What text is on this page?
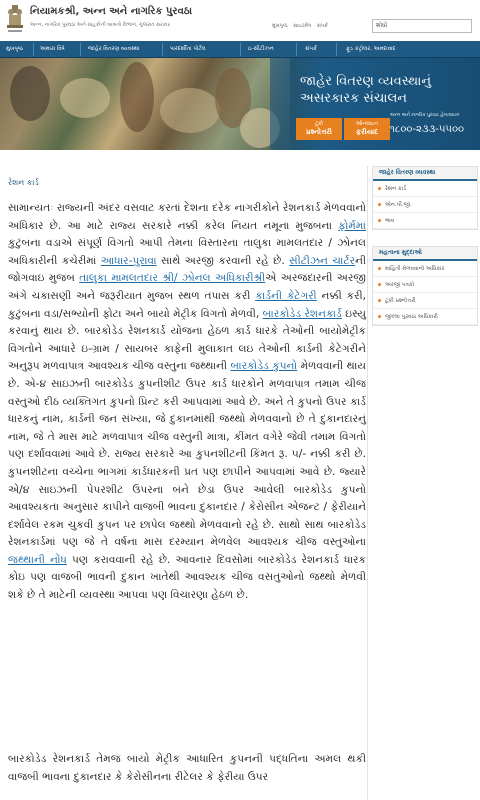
નિયામકશ્રી, અન્ન અને નાગરિક પુરવઠા
અન્ન, નાગરિક પુરવઠા અને ગ્રાહકોની બાબતો વિભાગ, ગુજરાત સરકાર	મુખપૃષ્ઠ સાઇટમેપ સંપર્ક	શોધો
મુખપૃષ્ઠ	અમારા વિષે	જાહેર વિતરણ વ્યવસ્થા	પારદર્શીતા પોર્ટલ	ઇ-સીટીઝન	સંપર્ક	ફૂડ કંટ્રોલર, અમદાવાદ
જાહેર વિતરણ વ્યવસ્થાનું
અસરકારક સંચાલન
ટૂંકી
પ્રશ્નોત્તરી
ઓનલાઇન
ફરીયાદ
અન્ન અને નાગરિક પુરવઠા હેલ્પલાઇન
૧૮૦૦-૨૩૩-૫૫૦૦
રેશન કાર્ડ

સામાન્યતઃ રાજ્યની અંદર વસવાટ કરતાં દેશના દરેક નાગરીકોને રેશનકાર્ડ મેળવવાનો અધિકાર છે. આ માટે રાજ્ય સરકારે નક્કી કરેલ નિયત નમૂના મુજબના ફોર્મમાં કુટુંબના વડાએ સંપૂર્ણ વિગતો આપી તેમના વિસ્તારના તાલુકા મામલતદાર / ઝોનલ અધિકારીની કચેરીમાં આધાર-પુરાવા સાથે અરજી કરવાની રહે છે. સીટીઝન ચાર્ટરની જોગવાઇ મુજબ તાલુકા મામલતદાર શ્રી/ ઝોનલ અધિકારીશ્રીએ અરજદારની અરજી અંગે ચકાસણી અને જરૂરીયાત મુજબ સ્થળ તપાસ કરી કાર્ડની કેટેગરી નક્કી કરી, કુટુંબના વડા/સભ્યોની ફોટા અને બાયો મેટ્રીક વિગતો મેળવી, બારકોડેડ રેશનકાર્ડ ઇસ્યુ કરવાનું થાય છે. બારકોડેડ રેશનકાર્ડ યોજના હેઠળ કાર્ડ ધારકે તેઓની બાયોમેટ્રીક વિગતોને આધારે ઇ-ગ્રામ / સાયબર કાફેની મુલાકાત લઇ તેઓની કાર્ડની કેટેગરીને અનુરૂપ મળવાપાત્ર આવશ્યક ચીજ વસ્તુના જથ્થાની બારકોડેડ કુપનો મેળવવાની થાય છે. એ-૪ સાઇઝની બારકોડેડ કુપનીશીટ ઉપર કાર્ડ ધારકોને મળવાપાત્ર તમામ ચીજ વસ્તુઓ દીઠ વ્યક્તિગત કુપનો પ્રિન્ટ કરી આપવામાં આવે છે. અને તે કુપનો ઉપર કાર્ડ ધારકનું નામ, કાર્ડની જન સંખ્યા, જે દુકાનમાંથી જથ્થો મેળવવાનો છે તે દુકાનદારનું નામ, જે તે માસ માટે મળવાપાત્ર ચીજ વસ્તુની માત્રા, કીંમત વગેરે જેવી તમામ વિગતો પણ દર્શાવવામાં આવે છે. રાજ્ય સરકારે આ કુપનશીટની કિંમત રૂ. ૫/- નક્કી કરી છે. કુપનશીટના વચ્ચેના ભાગમાં કાર્ડધારકની પ્રત પણ છાપીને આપવામાં આવે છે. જ્યારે એ/૪ સાઇઝની પેપરશીટ ઉપરના બંને છેડા ઉપર આવેલી બારકોડેડ કુપનો આવશ્યકતા અનુસાર કાપીને વાજબી ભાવના દુકાનદાર / કેરોસીન એજન્ટ / ફેરીયાને દર્શાવેલ રકમ ચુકવી કુપન પર છાપેલ જથ્થો મેળવવાનો રહે છે. સાથો સાથ બારકોડેડ રેશનકાર્ડમાં પણ જે તે વર્ષના માસ દરમ્યાન મેળવેલ આવશ્યક ચીજ વસ્તુઓના જથ્થાની નોંધ પણ કરાવવાની રહે છે. આવનાર દિવસોમાં બારકોડેડ રેશનકાર્ડ ધારક કોઇ પણ વાજબી ભાવની દુકાન ખાતેથી આવશ્યક ચીજ વસતુઓનો જથ્થો મેળવી શકે છે તે માટેની વ્યવસ્થા આપવા પણ વિચારણા હેઠળ છે.

બારકોડેડ રેશનકાર્ડ તેમજ બાયો મેટ્રીક આધારિત કુપનની પદ્ધતિના અમલ થકી વાજબી ભાવના દુકાનદાર કે કેરોસીનના રીટેલર કે ફેરીયા ઉપર

જાહેર વિતરણ વ્યવસ્થા
રેશન કાર્ડ
એન.પી.જી.
ભાવ
મહત્વના મુદ્દાઓ
માહિતી મેળવવાનો અધિકાર
અરજી પત્રકો
ટૂંકી પ્રશ્નોત્તરી
જીલ્લા પુરવઠા અધિકારી
